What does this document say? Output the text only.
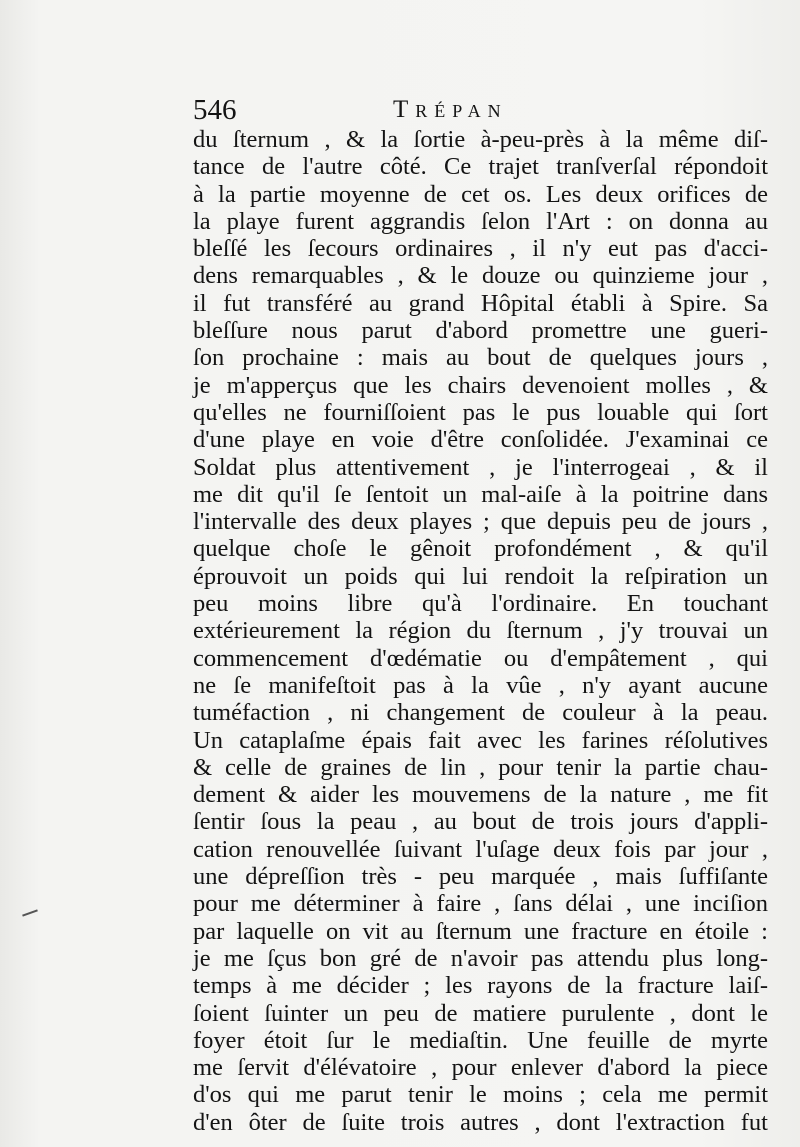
546	Trépan
du ſternum , & la ſortie à-peu-près à la même diſ-
tance de l'autre côté. Ce trajet tranſverſal répondoit
à la partie moyenne de cet os. Les deux orifices de
la playe furent aggrandis ſelon l'Art : on donna au
bleſſé les ſecours ordinaires , il n'y eut pas d'acci-
dens remarquables , & le douze ou quinzieme jour ,
il fut transféré au grand Hôpital établi à Spire. Sa
bleſſure nous parut d'abord promettre une gueri-
ſon prochaine : mais au bout de quelques jours ,
je m'apperçus que les chairs devenoient molles , &
qu'elles ne fourniſſoient pas le pus louable qui ſort
d'une playe en voie d'être conſolidée. J'examinai ce
Soldat plus attentivement , je l'interrogeai , & il
me dit qu'il ſe ſentoit un mal-aiſe à la poitrine dans
l'intervalle des deux playes ; que depuis peu de jours ,
quelque choſe le gênoit profondément , & qu'il
éprouvoit un poids qui lui rendoit la reſpiration un
peu moins libre qu'à l'ordinaire. En touchant
extérieurement la région du ſternum , j'y trouvai un
commencement d'œdématie ou d'empâtement , qui
ne ſe manifeſtoit pas à la vûe , n'y ayant aucune
tuméfaction , ni changement de couleur à la peau.
Un cataplaſme épais fait avec les farines réſolutives
& celle de graines de lin , pour tenir la partie chau-
dement & aider les mouvemens de la nature , me fit
ſentir ſous la peau , au bout de trois jours d'appli-
cation renouvellée ſuivant l'uſage deux fois par jour ,
une dépreſſion très - peu marquée , mais ſuffiſante
pour me déterminer à faire , ſans délai , une inciſion
par laquelle on vit au ſternum une fracture en étoile :
je me ſçus bon gré de n'avoir pas attendu plus long-
temps à me décider ; les rayons de la fracture laiſ-
ſoient ſuinter un peu de matiere purulente , dont le
foyer étoit ſur le mediaſtin. Une feuille de myrte
me ſervit d'élévatoire , pour enlever d'abord la piece
d'os qui me parut tenir le moins ; cela me permit
d'en ôter de ſuite trois autres , dont l'extraction fut
